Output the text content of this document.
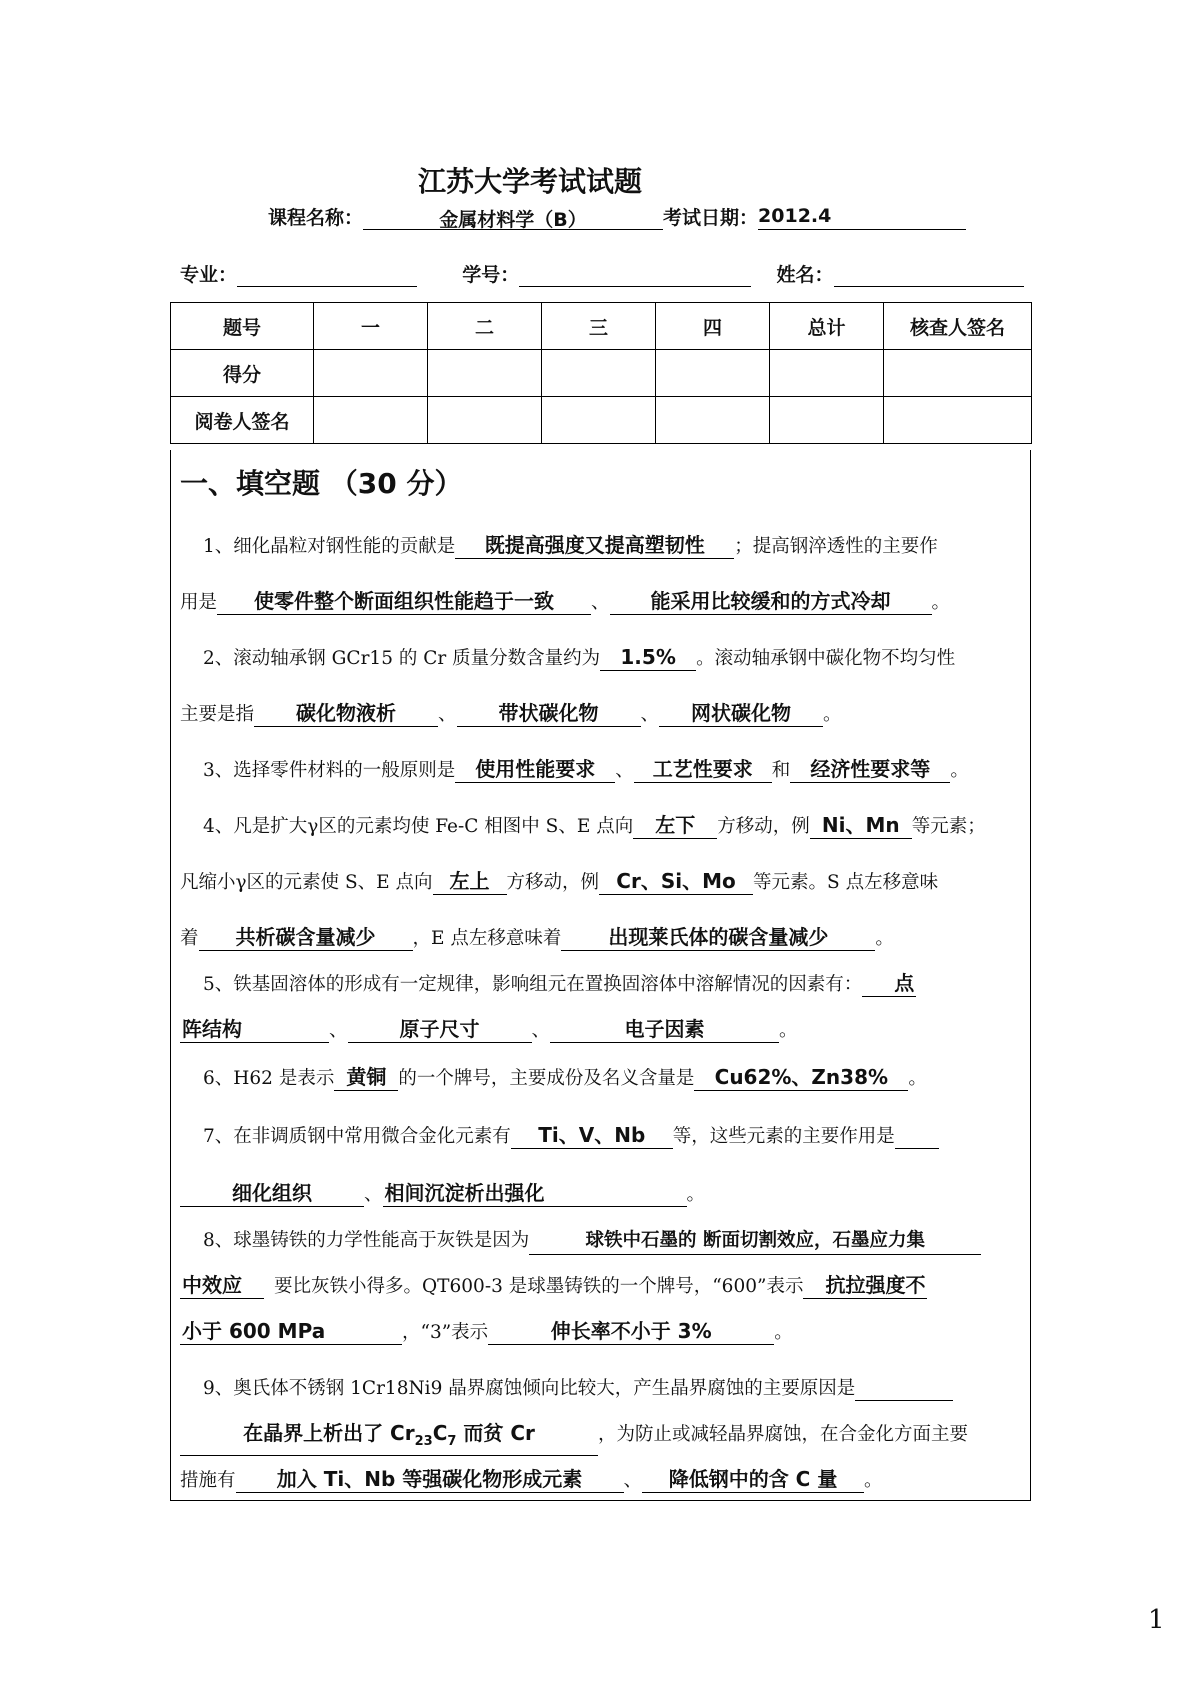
江苏大学考试试题
课程名称：	金属材料学（B）	考试日期：2012.4
专业：	学号：	姓名：
题号	一	二	三	四	总计	核查人签名
得分						
阅卷人签名						
一、填空题 （30 分）
1、细化晶粒对钢性能的贡献是 既提高强度又提高塑韧性 ；提高钢淬透性的主要作
用是 使零件整个断面组织性能趋于一致 、 能采用比较缓和的方式冷却 。
2、滚动轴承钢 GCr15 的 Cr 质量分数含量约为 1.5% 。滚动轴承钢中碳化物不均匀性
主要是指 碳化物液析 、 带状碳化物 、 网状碳化物 。
3、选择零件材料的一般原则是 使用性能要求 、 工艺性要求 和 经济性要求等 。
4、凡是扩大γ区的元素均使 Fe-C 相图中 S、E 点向 左下 方移动，例 Ni、Mn 等元素；
凡缩小γ区的元素使 S、E 点向 左上 方移动，例 Cr、Si、Mo 等元素。S 点左移意味
着 共析碳含量减少 ，E 点左移意味着 出现莱氏体的碳含量减少	。
5、铁基固溶体的形成有一定规律，影响组元在置换固溶体中溶解情况的因素有： 点
阵结构	、	原子尺寸	、	电子因素	。
6、H62 是表示 黄铜 的一个牌号，主要成份及名义含量是 Cu62%、Zn38% 。
7、在非调质钢中常用微合金化元素有 Ti、V、Nb 等，这些元素的主要作用是
细化组织	、 相间沉淀析出强化	。
8、球墨铸铁的力学性能高于灰铁是因为	球铁中石墨的 断面切割效应，石墨应力集
中效应 要比灰铁小得多。QT600-3 是球墨铸铁的一个牌号，“600”表示 抗拉强度不
小于 600 MPa	，“3”表示	伸长率不小于 3%	。
9、奥氏体不锈钢 1Cr18Ni9 晶界腐蚀倾向比较大，产生晶界腐蚀的主要原因是
在晶界上析出了 $Cr_{23}C_7$ 而贫 Cr	，为防止或减轻晶界腐蚀，在合金化方面主要
措施有 加入 Ti、Nb 等强碳化物形成元素 、 降低钢中的含 C 量 。
1
